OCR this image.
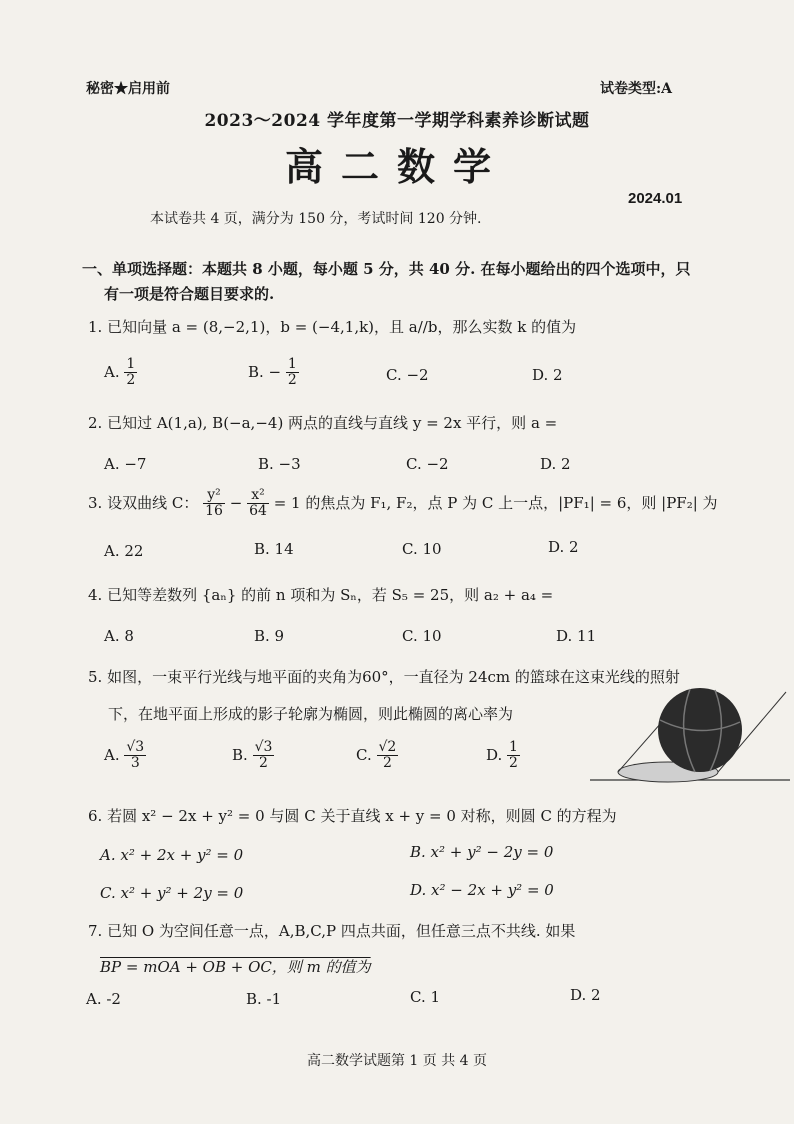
秘密★启用前	试卷类型:A
2023～2024 学年度第一学期学科素养诊断试题
高二数学
2024.01
本试卷共 4 页，满分为 150 分，考试时间 120 分钟.
一、单项选择题：本题共 8 小题，每小题 5 分，共 40 分. 在每小题给出的四个选项中，只
有一项是符合题目要求的.
1. 已知向量 a = (8,−2,1)，b = (−4,1,k)，且 a//b，那么实数 k 的值为
A. $\frac{1}{2}$	B. − $\frac{1}{2}$	C. −2	D. 2
2. 已知过 A(1,a), B(−a,−4) 两点的直线与直线 y = 2x 平行，则 a =
A. −7	B. −3	C. −2	D. 2
3. 设双曲线 C： $\frac{\text{y²}}{16} - \frac{\text{x²}}{64} = 1$ 的焦点为 F₁, F₂，点 P 为 C 上一点，|PF₁| = 6，则 |PF₂| 为
A. 22	B. 14	C. 10	D. 2
4. 已知等差数列 {aₙ} 的前 n 项和为 Sₙ，若 S₅ = 25，则 a₂ + a₄ =
A. 8	B. 9	C. 10	D. 11
5. 如图，一束平行光线与地平面的夹角为60°，一直径为 24cm 的篮球在这束光线的照射
下，在地平面上形成的影子轮廓为椭圆，则此椭圆的离心率为
A. $\frac{√3}{3}$	B. $\frac{√3}{2}$	C. $\frac{√2}{2}$	D. $\frac{1}{2}$
6. 若圆 x² − 2x + y² = 0 与圆 C 关于直线 x + y = 0 对称，则圆 C 的方程为
A. x² + 2x + y² = 0	B. x² + y² − 2y = 0
C. x² + y² + 2y = 0	D. x² − 2x + y² = 0
7. 已知 O 为空间任意一点，A,B,C,P 四点共面，但任意三点不共线. 如果
BP = mOA + OB + OC，则 m 的值为
A. -2	B. -1	C. 1	D. 2
高二数学试题第 1 页 共 4 页
